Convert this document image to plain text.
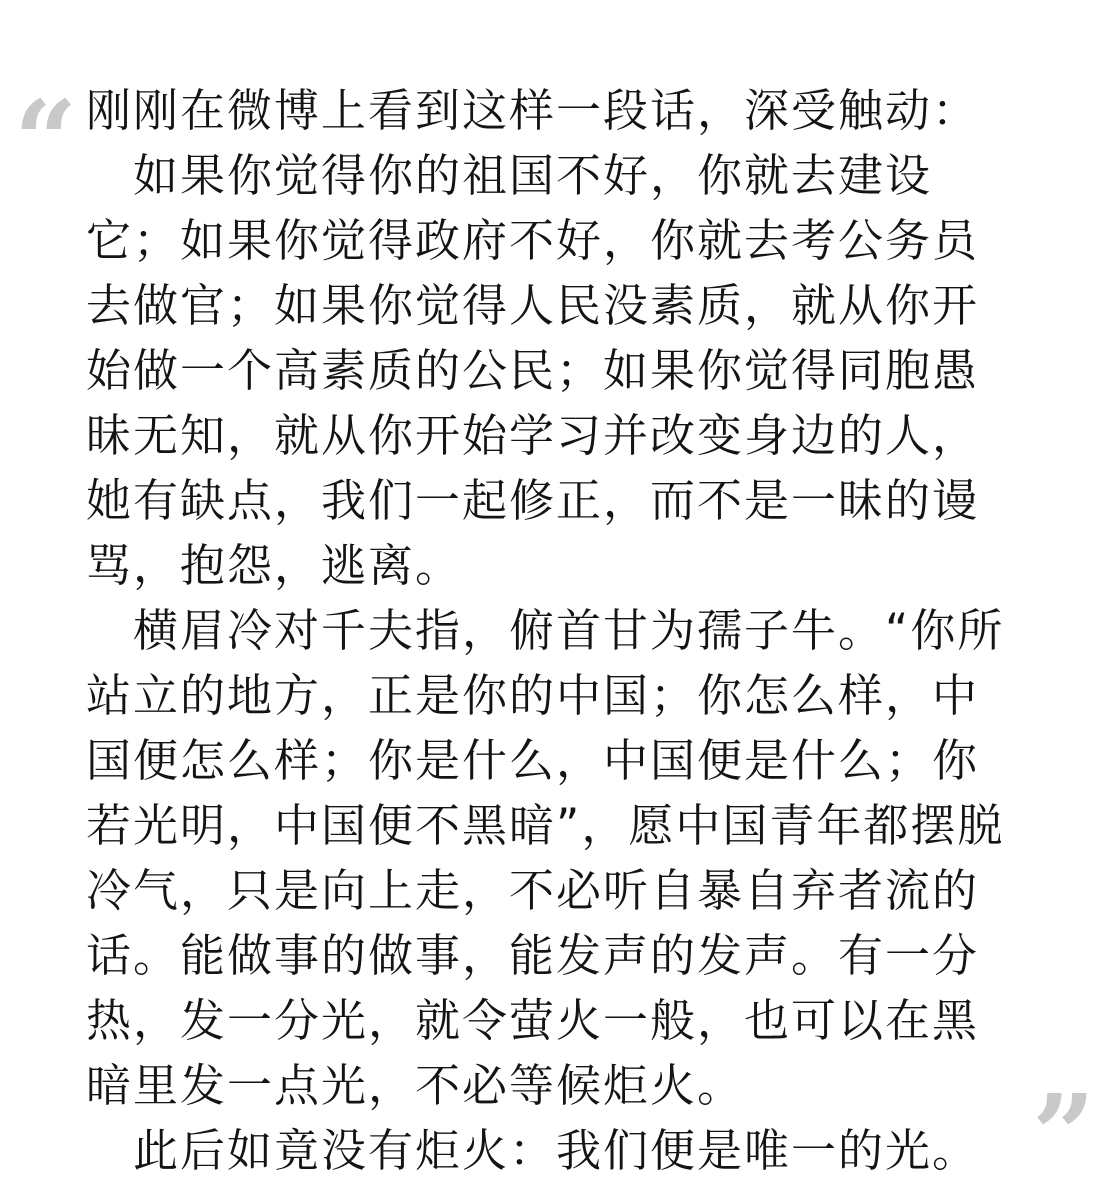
“ 刚刚在微博上看到这样一段话，深受触动：
　如果你觉得你的祖国不好，你就去建设
它；如果你觉得政府不好，你就去考公务员
去做官；如果你觉得人民没素质，就从你开
始做一个高素质的公民；如果你觉得同胞愚
昧无知，就从你开始学习并改变身边的人，
她有缺点，我们一起修正，而不是一昧的谩
骂，抱怨，逃离。
　横眉冷对千夫指，俯首甘为孺子牛。“你所
站立的地方，正是你的中国；你怎么样，中
国便怎么样；你是什么，中国便是什么；你
若光明，中国便不黑暗”，愿中国青年都摆脱
冷气，只是向上走，不必听自暴自弃者流的
话。能做事的做事，能发声的发声。有一分
热，发一分光，就令萤火一般，也可以在黑
暗里发一点光，不必等候炬火。
　此后如竟没有炬火：我们便是唯一的光。 ”
